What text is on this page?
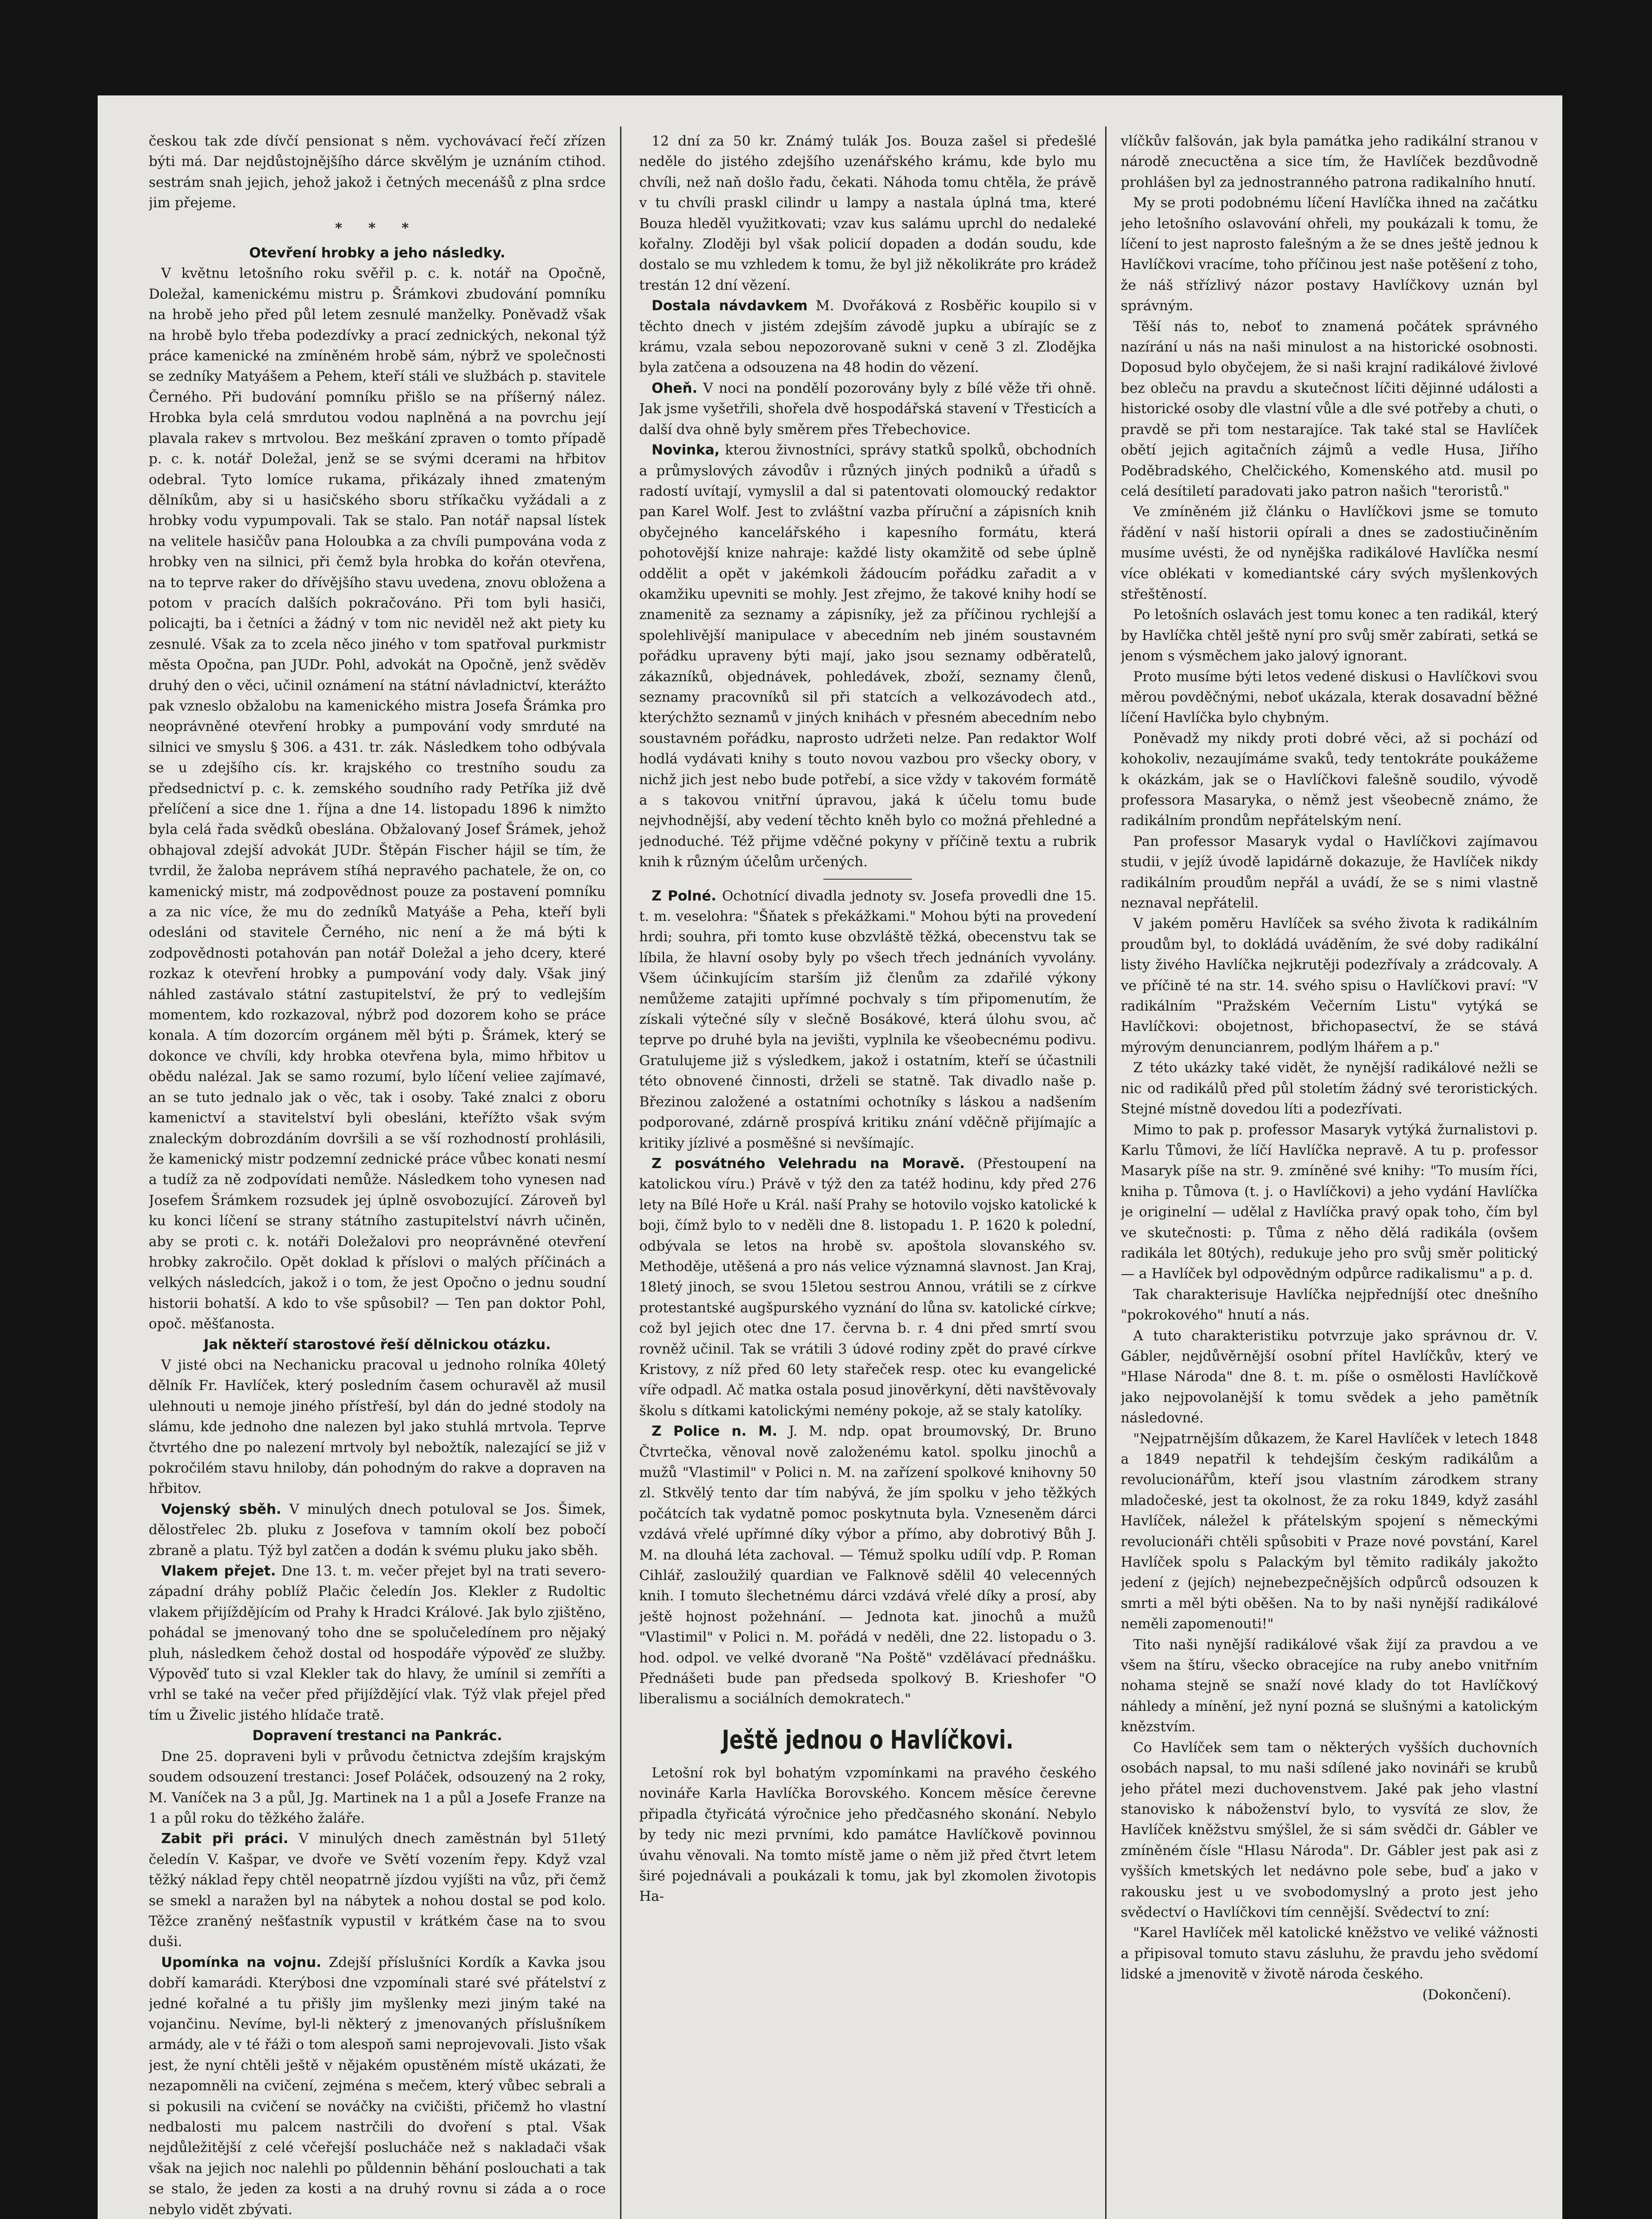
českou tak zde dívčí pensionat s něm. vychovávací řečí zřízen býti má. Dar nejdůstojnějšího dárce skvělým je uznáním ctihod. sestrám snah jejich, jehož jakož i četných mecenášů z plna srdce jim přejeme.

* * *

Otevření hrobky a jeho následky.

V květnu letošního roku svěřil p. c. k. notář na Opočně, Doležal, kamenickému mistru p. Šrámkovi zbudování pomníku na hrobě jeho před půl letem zesnulé manželky. Poněvadž však na hrobě bylo třeba podezdívky a prací zednických, nekonal týž práce kamenické na zmíněném hrobě sám, nýbrž ve společnosti se zedníky Matyášem a Pehem, kteří stáli ve službách p. stavitele Černého. Při budování pomníku přišlo se na příšerný nález. Hrobka byla celá smrdutou vodou naplněná a na povrchu její plavala rakev s mrtvolou. Bez meškání zpraven o tomto případě p. c. k. notář Doležal, jenž se se svými dcerami na hřbitov odebral. Tyto lomíce rukama, přikázaly ihned zmateným dělníkům, aby si u hasičského sboru stříkačku vyžádali a z hrobky vodu vypumpovali. Tak se stalo. Pan notář napsal lístek na velitele hasičův pana Holoubka a za chvíli pumpována voda z hrobky ven na silnici, při čemž byla hrobka do kořán otevřena, na to teprve raker do dřívějšího stavu uvedena, znovu obložena a potom v pracích dalších pokračováno. Při tom byli hasiči, policajti, ba i četníci a žádný v tom nic neviděl než akt piety ku zesnulé. Však za to zcela něco jiného v tom spatřoval purkmistr města Opočna, pan JUDr. Pohl, advokát na Opočně, jenž svěděv druhý den o věci, učinil oznámení na státní návladnictví, kterážto pak vzneslo obžalobu na kamenického mistra Josefa Šrámka pro neoprávněné otevření hrobky a pumpování vody smrduté na silnici ve smyslu § 306. a 431. tr. zák. Následkem toho odbývala se u zdejšího cís. kr. krajského co trestního soudu za předsednictví p. c. k. zemského soudního rady Petříka již dvě přelíčení a sice dne 1. října a dne 14. listopadu 1896 k nimžto byla celá řada svědků obeslána. Obžalovaný Josef Šrámek, jehož obhajoval zdejší advokát JUDr. Štěpán Fischer hájil se tím, že tvrdil, že žaloba neprávem stíhá nepravého pachatele, že on, co kamenický mistr, má zodpovědnost pouze za postavení pomníku a za nic více, že mu do zedníků Matyáše a Peha, kteří byli odesláni od stavitele Černého, nic není a že má býti k zodpovědnosti potahován pan notář Doležal a jeho dcery, které rozkaz k otevření hrobky a pumpování vody daly. Však jiný náhled zastávalo státní zastupitelství, že prý to vedlejším momentem, kdo rozkazoval, nýbrž pod dozorem koho se práce konala. A tím dozorcím orgánem měl býti p. Šrámek, který se dokonce ve chvíli, kdy hrobka otevřena byla, mimo hřbitov u obědu nalézal. Jak se samo rozumí, bylo líčení veliee zajímavé, an se tuto jednalo jak o věc, tak i osoby. Také znalci z oboru kamenictví a stavitelství byli obesláni, kteřížto však svým znaleckým dobrozdáním dovršili a se vší rozhodností prohlásili, že kamenický mistr podzemní zednické práce vůbec konati nesmí a tudíž za ně zodpovídati nemůže. Následkem toho vynesen nad Josefem Šrámkem rozsudek jej úplně osvobozující. Zároveň byl ku konci líčení se strany státního zastupitelství návrh učiněn, aby se proti c. k. notáři Doležalovi pro neoprávněné otevření hrobky zakročilo. Opět doklad k příslovi o malých příčinách a velkých následcích, jakož i o tom, že jest Opočno o jednu soudní historii bohatší. A kdo to vše spůsobil? — Ten pan doktor Pohl, opoč. měšťanosta.

Jak někteří starostové řeší dělnickou otázku.

V jisté obci na Nechanicku pracoval u jednoho rolníka 40letý dělník Fr. Havlíček, který posledním časem ochuravěl až musil ulehnouti u nemoje jiného přístřeší, byl dán do jedné stodoly na slámu, kde jednoho dne nalezen byl jako stuhlá mrtvola. Teprve čtvrtého dne po nalezení mrtvoly byl nebožtík, nalezající se již v pokročilém stavu hniloby, dán pohodným do rakve a dopraven na hřbitov.

Vojenský sběh. V minulých dnech potuloval se Jos. Šimek, dělostřelec 2b. pluku z Josefova v tamním okolí bez pobočí zbraně a platu. Týž byl zatčen a dodán k svému pluku jako sběh.

Vlakem přejet. Dne 13. t. m. večer přejet byl na trati severo-západní dráhy poblíž Plačic čeledín Jos. Klekler z Rudoltic vlakem přijíždějícím od Prahy k Hradci Králové. Jak bylo zjištěno, pohádal se jmenovaný toho dne se spolučeledínem pro nějaký pluh, následkem čehož dostal od hospodáře výpověď ze služby. Výpověď tuto si vzal Klekler tak do hlavy, že umínil si zemříti a vrhl se také na večer před přijíždějící vlak. Týž vlak přejel před tím u Živelic jistého hlídače tratě.

Dopravení trestanci na Pankrác.

Dne 25. dopraveni byli v průvodu četnictva zdejším krajským soudem odsouzení trestanci: Josef Poláček, odsouzený na 2 roky, M. Vaníček na 3 a půl, Jg. Martinek na 1 a půl a Josefe Franze na 1 a půl roku do těžkého žaláře.

Zabit při práci. V minulých dnech zaměstnán byl 51letý čeledín V. Kašpar, ve dvoře ve Světí vozením řepy. Když vzal těžký náklad řepy chtěl neopatrně jízdou vyjíšti na vůz, při čemž se smekl a naražen byl na nábytek a nohou dostal se pod kolo. Těžce zraněný nešťastník vypustil v krátkém čase na to svou duši.

Upomínka na vojnu. Zdejší příslušníci Kordík a Kavka jsou dobří kamarádi. Kterýbosi dne vzpomínali staré své přátelství z jedné kořalné a tu přišly jim myšlenky mezi jiným také na vojančinu. Nevíme, byl-li některý z jmenovaných příslušníkem armády, ale v té řáži o tom alespoň sami neprojevovali. Jisto však jest, že nyní chtěli ještě v nějakém opustěném místě ukázati, že nezapomněli na cvičení, zejména s mečem, který vůbec sebrali a si pokusili na cvičení se nováčky na cvičišti, přičemž ho vlastní nedbalosti mu palcem nastrčili do dvoření s ptal. Však nejdůležitější z celé včeřejší poslucháče než s nakladači však však na jejich noc nalehli po půldennin běhání poslouchati a tak se stalo, že jeden za kosti a na druhý rovnu si záda a o roce nebylo vidět zbývati.

12 dní za 50 kr. Známý tulák Jos. Bouza zašel si předešlé neděle do jistého zdejšího uzenářského krámu, kde bylo mu chvíli, než naň došlo řadu, čekati. Náhoda tomu chtěla, že právě v tu chvíli praskl cilindr u lampy a nastala úplná tma, které Bouza hleděl využitkovati; vzav kus salámu uprchl do nedaleké kořalny. Zloději byl však policií dopaden a dodán soudu, kde dostalo se mu vzhledem k tomu, že byl již několikráte pro krádež trestán 12 dní vězení.

Dostala návdavkem M. Dvořáková z Rosběřic koupilo si v těchto dnech v jistém zdejším závodě jupku a ubírajíc se z krámu, vzala sebou nepozorovaně sukni v ceně 3 zl. Zlodějka byla zatčena a odsouzena na 48 hodin do vězení.

Oheň. V noci na pondělí pozorovány byly z bílé věže tři ohně. Jak jsme vyšetřili, shořela dvě hospodářská stavení v Třesticích a další dva ohně byly směrem přes Třebechovice.

Novinka, kterou živnostníci, správy statků spolků, obchodních a průmyslových závodův i různých jiných podniků a úřadů s radostí uvítají, vymyslil a dal si patentovati olomoucký redaktor pan Karel Wolf. Jest to zvláštní vazba příruční a zápisních knih obyčejného kancelářského i kapesního formátu, která pohotovější knize nahraje: každé listy okamžitě od sebe úplně oddělit a opět v jakémkoli žádoucím pořádku zařadit a v okamžiku upevniti se mohly. Jest zřejmo, že takové knihy hodí se znamenitě za seznamy a zápisníky, jež za příčinou rychlejší a spolehlivější manipulace v abecedním neb jiném soustavném pořádku upraveny býti mají, jako jsou seznamy odběratelů, zákazníků, objednávek, pohledávek, zboží, seznamy členů, seznamy pracovníků sil při statcích a velkozávodech atd., kterýchžto seznamů v jiných knihách v přesném abecedním nebo soustavném pořádku, naprosto udržeti nelze. Pan redaktor Wolf hodlá vydávati knihy s touto novou vazbou pro všecky obory, v nichž jich jest nebo bude potřebí, a sice vždy v takovém formátě a s takovou vnitřní úpravou, jaká k účelu tomu bude nejvhodnější, aby vedení těchto kněh bylo co možná přehledné a jednoduché. Též přijme vděčné pokyny v příčině textu a rubrik knih k různým účelům určených.

Z Polné. Ochotnící divadla jednoty sv. Josefa provedli dne 15. t. m. veselohra: "Šňatek s překážkami." Mohou býti na provedení hrdi; souhra, při tomto kuse obzvláště těžká, obecenstvu tak se líbila, že hlavní osoby byly po všech třech jednáních vyvolány. Všem účinkujícím starším již členům za zdařilé výkony nemůžeme zatajiti upřímné pochvaly s tím připomenutím, že získali výtečné síly v slečně Bosákové, která úlohu svou, ač teprve po druhé byla na jevišti, vyplnila ke všeobecnému podivu. Gratulujeme již s výsledkem, jakož i ostatním, kteří se účastnili této obnovené činnosti, drželi se statně. Tak divadlo naše p. Březinou založené a ostatními ochotníky s láskou a nadšením podporované, zdárně prospívá kritiku znání vděčně přijímajíc a kritiky jízlivé a posměšné si nevšímajíc.

Z posvátného Velehradu na Moravě. (Přestoupení na katolickou víru.) Právě v týž den za tatéž hodinu, kdy před 276 lety na Bílé Hoře u Král. naší Prahy se hotovilo vojsko katolické k boji, čímž bylo to v neděli dne 8. listopadu 1. P. 1620 k polední, odbývala se letos na hrobě sv. apoštola slovanského sv. Methoděje, utěšená a pro nás velice významná slavnost. Jan Kraj, 18letý jinoch, se svou 15letou sestrou Annou, vrátili se z církve protestantské augšpurského vyznání do lůna sv. katolické církve; což byl jejich otec dne 17. června b. r. 4 dni před smrtí svou rovněž učinil. Tak se vrátili 3 údové rodiny zpět do pravé církve Kristovy, z níž před 60 lety stařeček resp. otec ku evangelické víře odpadl. Ač matka ostala posud jinověrkyní, děti navštěvovaly školu s dítkami katolickými nemény pokoje, až se staly katolíky.

Z Police n. M. J. M. ndp. opat broumovský, Dr. Bruno Čtvrtečka, věnoval nově založenému katol. spolku jinochů a mužů "Vlastimil" v Polici n. M. na zařízení spolkové knihovny 50 zl. Stkvělý tento dar tím nabývá, že jím spolku v jeho těžkých počátcích tak vydatně pomoc poskytnuta byla. Vzneseněm dárci vzdává vřelé upřímné díky výbor a přímo, aby dobrotivý Bůh J. M. na dlouhá léta zachoval. — Témuž spolku udílí vdp. P. Roman Cihlář, zasloužilý quardian ve Falknově sdělil 40 velecenných knih. I tomuto šlechetnému dárci vzdává vřelé díky a prosí, aby ještě hojnost požehnání. — Jednota kat. jinochů a mužů "Vlastimil" v Polici n. M. pořádá v neděli, dne 22. listopadu o 3. hod. odpol. ve velké dvoraně "Na Poště" vzdělávací přednášku. Přednášeti bude pan předseda spolkový B. Krieshofer "O liberalismu a sociálních demokratech."

Ještě jednou o Havlíčkovi.

Letošní rok byl bohatým vzpomínkami na pravého českého novináře Karla Havlíčka Borovského. Koncem měsíce čerevne připadla čtyřicátá výročnice jeho předčasného skonání. Nebylo by tedy nic mezi prvními, kdo památce Havlíčkově povinnou úvahu věnovali. Na tomto místě jame o něm již před čtvrt letem širé pojednávali a poukázali k tomu, jak byl zkomolen životopis Ha-

vlíčkův falšován, jak byla památka jeho radikální stranou v národě znecuctěna a sice tím, že Havlíček bezdůvodně prohlášen byl za jednostranného patrona radikalního hnutí.

My se proti podobnému líčení Havlíčka ihned na začátku jeho letošního oslavování ohřeli, my poukázali k tomu, že líčení to jest naprosto falešným a že se dnes ještě jednou k Havlíčkovi vracíme, toho příčinou jest naše potěšení z toho, že náš střízlivý názor postavy Havlíčkovy uznán byl správným.

Těší nás to, neboť to znamená počátek správného nazírání u nás na naši minulost a na historické osobnosti. Doposud bylo obyčejem, že si naši krajní radikálové živlové bez obleču na pravdu a skutečnost líčiti dějinné události a historické osoby dle vlastní vůle a dle své potřeby a chuti, o pravdě se při tom nestarajíce. Tak také stal se Havlíček obětí jejich agitačních zájmů a vedle Husa, Jiřího Poděbradského, Chelčického, Komenského atd. musil po celá desítiletí paradovati jako patron našich "teroristů."

Ve zmíněném již článku o Havlíčkovi jsme se tomuto řádění v naší historii opírali a dnes se zadostiučiněním musíme uvésti, že od nynějška radikálové Havlíčka nesmí více oblékati v komediantské cáry svých myšlenkových střeštěností.

Po letošních oslavách jest tomu konec a ten radikál, který by Havlíčka chtěl ještě nyní pro svůj směr zabírati, setká se jenom s výsměchem jako jalový ignorant.

Proto musíme býti letos vedené diskusi o Havlíčkovi svou měrou povděčnými, neboť ukázala, kterak dosavadní běžné líčení Havlíčka bylo chybným.

Poněvadž my nikdy proti dobré věci, až si pochází od kohokoliv, nezaujímáme svaků, tedy tentokráte poukážeme k okázkám, jak se o Havlíčkovi falešně soudilo, vývodě professora Masaryka, o němž jest všeobecně známo, že radikálním prondům nepřátelským není.

Pan professor Masaryk vydal o Havlíčkovi zajímavou studii, v jejíž úvodě lapidárně dokazuje, že Havlíček nikdy radikálním proudům nepřál a uvádí, že se s nimi vlastně neznaval nepřátelil.

V jakém poměru Havlíček sa svého života k radikálním proudům byl, to dokládá uváděním, že své doby radikální listy živého Havlíčka nejkrutěji podezřívaly a zrádcovaly. A ve příčině té na str. 14. svého spisu o Havlíčkovi praví: "V radikálním "Pražském Večerním Listu" vytýká se Havlíčkovi: obojetnost, břichopasectví, že se stává mýrovým denuncianrem, podlým lhářem a p."

Z této ukázky také vidět, že nynější radikálové nežli se nic od radikálů před půl stoletím žádný své teroristických. Stejné místně dovedou líti a podezřívati.

Mimo to pak p. professor Masaryk vytýká žurnalistovi p. Karlu Tůmovi, že líčí Havlíčka nepravě. A tu p. professor Masaryk píše na str. 9. zmíněné své knihy: "To musím říci, kniha p. Tůmova (t. j. o Havlíčkovi) a jeho vydání Havlíčka je originelní — udělal z Havlíčka pravý opak toho, čím byl ve skutečnosti: p. Tůma z něho dělá radikála (ovšem radikála let 80tých), redukuje jeho pro svůj směr politický — a Havlíček byl odpovědným odpůrce radikalismu" a p. d.

Tak charakterisuje Havlíčka nejpředníjší otec dnešního "pokrokového" hnutí a nás.

A tuto charakteristiku potvrzuje jako správnou dr. V. Gábler, nejdůvěrnější osobní přítel Havlíčkův, který ve "Hlase Národa" dne 8. t. m. píše o osmělosti Havlíčkově jako nejpovolanější k tomu svědek a jeho pamětník následovné.

"Nejpatrnějším důkazem, že Karel Havlíček v letech 1848 a 1849 nepatřil k tehdejším českým radikálům a revolucionářům, kteří jsou vlastním zárodkem strany mladočeské, jest ta okolnost, že za roku 1849, když zasáhl Havlíček, náležel k přátelským spojení s německými revolucionáři chtěli spůsobiti v Praze nové povstání, Karel Havlíček spolu s Palackým byl těmito radikály jakožto jedení z (jejích) nejnebezpečnějších odpůrců odsouzen k smrti a měl býti oběšen. Na to by naši nynější radikálové neměli zapomenouti!"

Tito naši nynější radikálové však žijí za pravdou a ve všem na štíru, všecko obracejíce na ruby anebo vnitřním nohama stejně se snaží nové klady do tot Havlíčkový náhledy a mínění, jež nyní pozná se slušnými a katolickým knězstvím.

Co Havlíček sem tam o některých vyšších duchovních osobách napsal, to mu naši sdílené jako novináři se krubů jeho přátel mezi duchovenstvem. Jaké pak jeho vlastní stanovisko k náboženství bylo, to vysvítá ze slov, že Havlíček kněžstvu smýšlel, že si sám svědči dr. Gábler ve zmíněném čísle "Hlasu Národa". Dr. Gábler jest pak asi z vyšších kmetských let nedávno pole sebe, buď a jako v rakousku jest u ve svobodomyslný a proto jest jeho svědectví o Havlíčkovi tím cennější. Svědectví to zní:

"Karel Havlíček měl katolické kněžstvo ve veliké vážnosti a připisoval tomuto stavu zásluhu, že pravdu jeho svědomí lidské a jmenovitě v životě národa českého.

(Dokončení).
